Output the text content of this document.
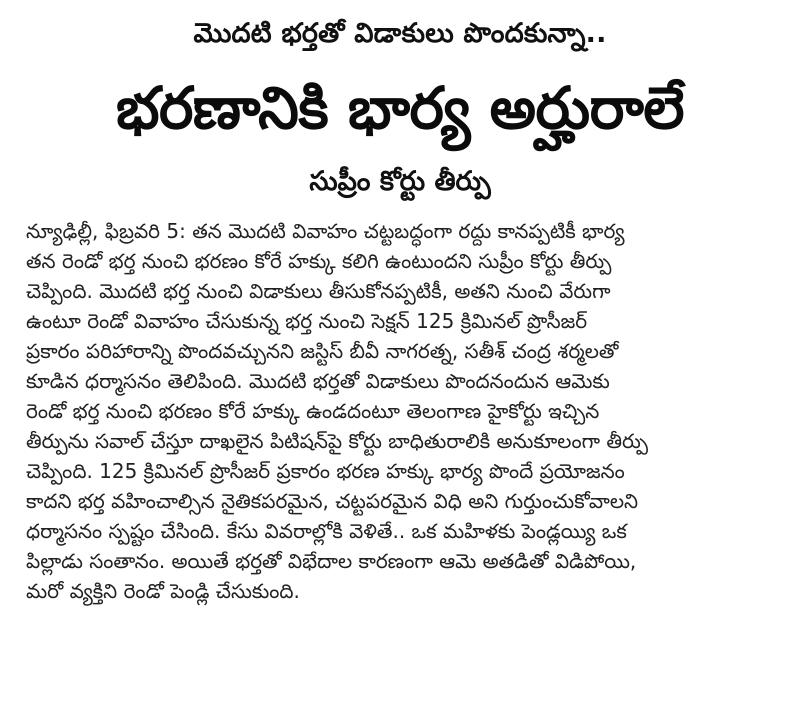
మొదటి భర్తతో విడాకులు పొందకున్నా..
భరణానికి భార్య అర్హురాలే
సుప్రీం కోర్టు తీర్పు
న్యూఢిల్లీ, ఫిబ్రవరి 5: తన మొదటి వివాహం చట్టబద్ధంగా రద్దు కానప్పటికీ భార్య
తన రెండో భర్త నుంచి భరణం కోరే హక్కు కలిగి ఉంటుందని సుప్రీం కోర్టు తీర్పు
చెప్పింది. మొదటి భర్త నుంచి విడాకులు తీసుకోనప్పటికీ, అతని నుంచి వేరుగా
ఉంటూ రెండో వివాహం చేసుకున్న భర్త నుంచి సెక్షన్ 125 క్రిమినల్ ప్రొసీజర్
ప్రకారం పరిహారాన్ని పొందవచ్చునని జస్టిస్ బీవీ నాగరత్న, సతీశ్ చంద్ర శర్మలతో
కూడిన ధర్మాసనం తెలిపింది. మొదటి భర్తతో విడాకులు పొందనందున ఆమెకు
రెండో భర్త నుంచి భరణం కోరే హక్కు ఉండదంటూ తెలంగాణ హైకోర్టు ఇచ్చిన
తీర్పును సవాల్ చేస్తూ దాఖలైన పిటిషన్‌పై కోర్టు బాధితురాలికి అనుకూలంగా తీర్పు
చెప్పింది. 125 క్రిమినల్ ప్రొసీజర్ ప్రకారం భరణ హక్కు భార్య పొందే ప్రయోజనం
కాదని భర్త వహించాల్సిన నైతికపరమైన, చట్టపరమైన విధి అని గుర్తుంచుకోవాలని
ధర్మాసనం స్పష్టం చేసింది. కేసు వివరాల్లోకి వెళితే.. ఒక మహిళకు పెండ్లయ్యి ఒక
పిల్లాడు సంతానం. అయితే భర్తతో విభేదాల కారణంగా ఆమె అతడితో విడిపోయి,
మరో వ్యక్తిని రెండో పెండ్లి చేసుకుంది.
